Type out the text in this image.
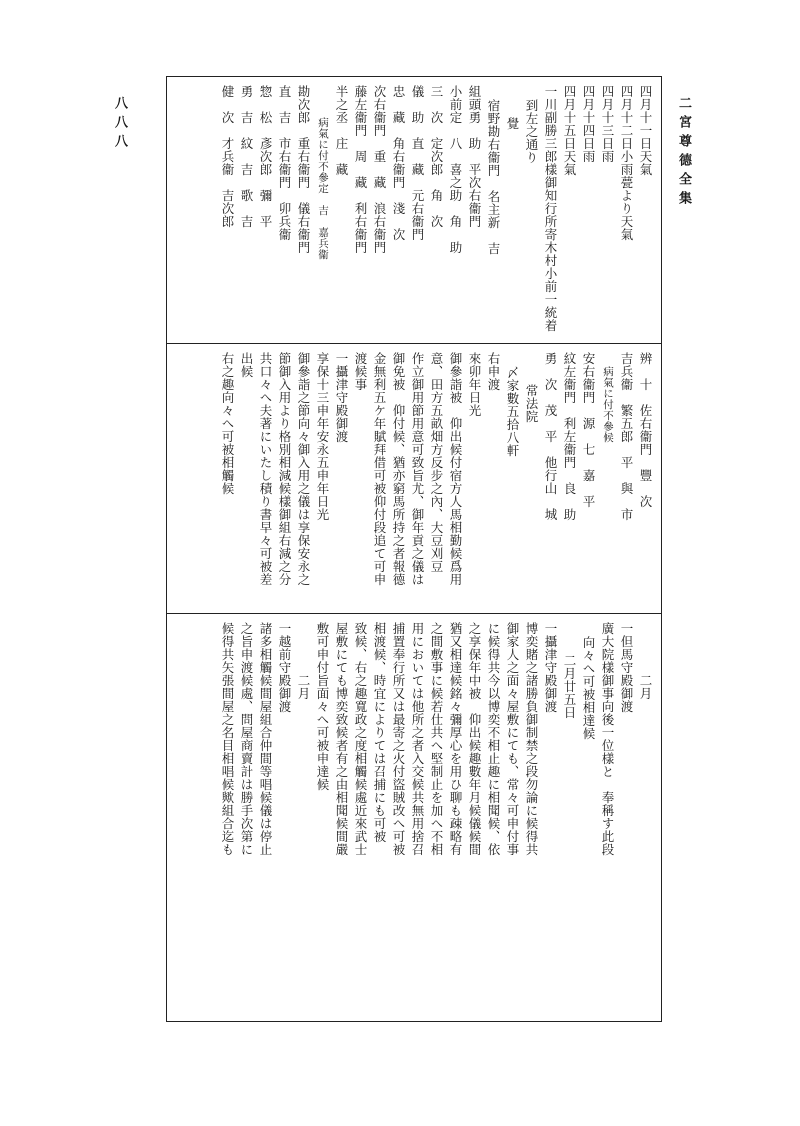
二宮尊德全集
八八八	四月十一日天氣
四月十二日小雨甍より天氣
四月十三日雨
四月十四日雨
四月十五日天氣
一川副勝三郎樣御知行所寄木村小前一統着
到左之通り
覺
宿野勘右衞門　名主新　吉
組頭勇　助　平次右衞門
小前定　八　喜之助　角　助
三　次　定次郎　角　次
儀　助　直　藏　元右衞門
忠　藏　角右衞門　淺　次
次右衞門　重　藏　浪右衞門
藤左衞門　周　藏　利右衞門
半之丞　庄　藏
病氣に付不參定　吉　嘉兵衞
勘次郎　重右衞門　儀右衞門
直　吉　市右衞門　卯兵衞
惣　松　彥次郎　彌　平
勇　吉　紋　吉　歌　吉
健　次　才兵衞　吉次郎
辨　十　佐右衞門　豐　次
吉兵衞　繁五郎　平　與　市
病氣に付不參候
安右衞門　源　七　嘉　平
紋左衞門　利左衞門　良　助
勇　次　茂　平　他行山　城
常法院
〆家數五拾八軒
右申渡
來卯年日光
御參詣被　仰出候付宿方人馬相勤候爲用
意、田方五畝畑方反步之內、大豆刈豆
作立御用節用意可致旨尤、御年貢之儀は
御免被　仰付候、猶亦窮馬所持之者報德
金無利五ケ年賦拜借可被仰付段追て可申
渡候事
一攝津守殿御渡
享保十三申年安永五申年日光
御參詣之節向々御入用之儀は享保安永之
節御入用より格別相減候樣御組右減之分
共口々へ夫著にいたし積り書早々可被差
出候
右之趣向々へ可被相觸候
二月
一但馬守殿御渡
廣大院樣御事向後一位樣と　奉稱す此段
向々へ可被相達候
二月廿五日
一攝津守殿御渡
博奕賭之諸勝負御制禁之段勿論に候得共
御家人之面々屋敷にても、常々可申付事
に候得共今以博奕不相止趣に相聞候、依
之享保年中被　仰出候趣數年月候儀候間
猶又相達候銘々彌厚心を用ひ聊も疎略有
之間敷事に候若仕共へ堅制止を加へ不相
用においては他所之者入交候共無用捨召
捕置奉行所又は最寄之火付盜賊改へ可被
相渡候、時宜によりては召捕にも可被
致候、右之趣寬政之度相觸候處近來武士
屋敷にても博奕致候者有之由相聞候間嚴
敷可申付旨面々へ可被申達候
二月
一越前守殿御渡
諸多相觸候間屋組合仲間等唱候儀は停止
之旨申渡候處、問屋商賣計は勝手次第に
候得共矢張間屋之名目相唱候歟組合迄も
